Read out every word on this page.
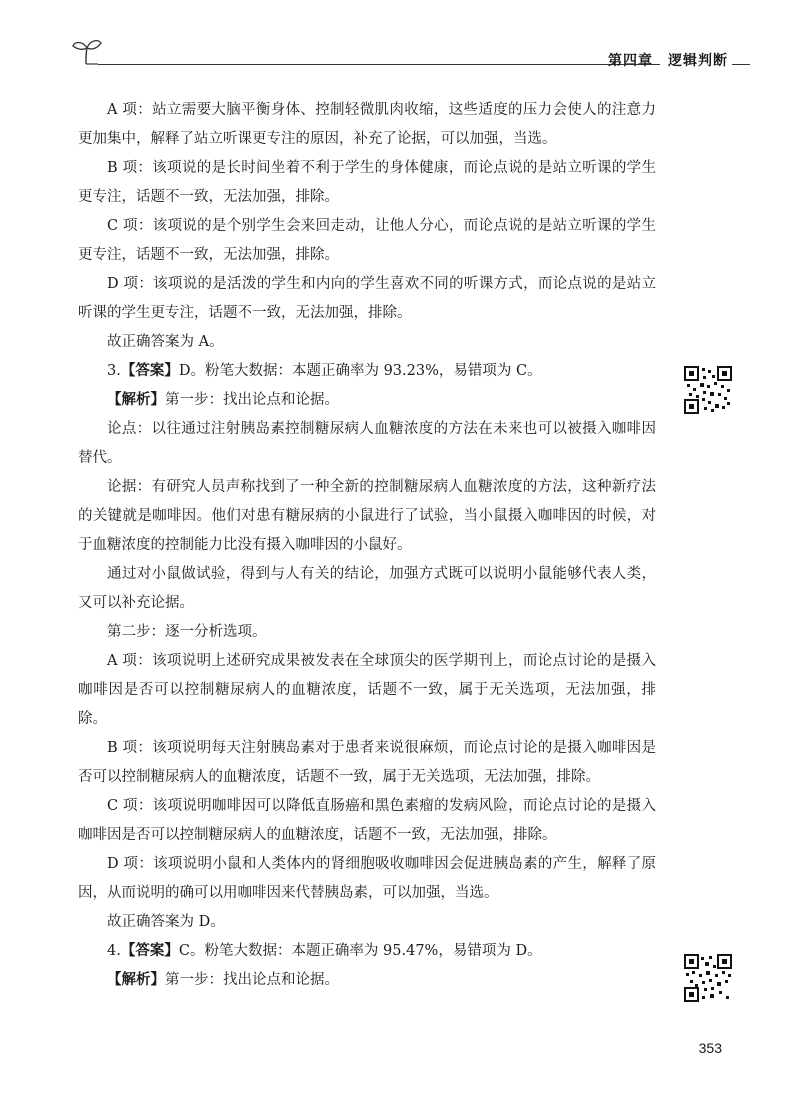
第四章　逻辑判断

A 项：站立需要大脑平衡身体、控制轻微肌肉收缩，这些适度的压力会使人的注意力更加集中，解释了站立听课更专注的原因，补充了论据，可以加强，当选。

B 项：该项说的是长时间坐着不利于学生的身体健康，而论点说的是站立听课的学生更专注，话题不一致，无法加强，排除。

C 项：该项说的是个别学生会来回走动，让他人分心，而论点说的是站立听课的学生更专注，话题不一致，无法加强，排除。

D 项：该项说的是活泼的学生和内向的学生喜欢不同的听课方式，而论点说的是站立听课的学生更专注，话题不一致，无法加强，排除。

故正确答案为 A。

3.【答案】D。粉笔大数据：本题正确率为 93.23%，易错项为 C。

【解析】第一步：找出论点和论据。

论点：以往通过注射胰岛素控制糖尿病人血糖浓度的方法在未来也可以被摄入咖啡因替代。

论据：有研究人员声称找到了一种全新的控制糖尿病人血糖浓度的方法，这种新疗法的关键就是咖啡因。他们对患有糖尿病的小鼠进行了试验，当小鼠摄入咖啡因的时候，对于血糖浓度的控制能力比没有摄入咖啡因的小鼠好。

通过对小鼠做试验，得到与人有关的结论，加强方式既可以说明小鼠能够代表人类，又可以补充论据。

第二步：逐一分析选项。

A 项：该项说明上述研究成果被发表在全球顶尖的医学期刊上，而论点讨论的是摄入咖啡因是否可以控制糖尿病人的血糖浓度，话题不一致，属于无关选项，无法加强，排除。

B 项：该项说明每天注射胰岛素对于患者来说很麻烦，而论点讨论的是摄入咖啡因是否可以控制糖尿病人的血糖浓度，话题不一致，属于无关选项，无法加强，排除。

C 项：该项说明咖啡因可以降低直肠癌和黑色素瘤的发病风险，而论点讨论的是摄入咖啡因是否可以控制糖尿病人的血糖浓度，话题不一致，无法加强，排除。

D 项：该项说明小鼠和人类体内的肾细胞吸收咖啡因会促进胰岛素的产生，解释了原因，从而说明的确可以用咖啡因来代替胰岛素，可以加强，当选。

故正确答案为 D。

4.【答案】C。粉笔大数据：本题正确率为 95.47%，易错项为 D。

【解析】第一步：找出论点和论据。

353
